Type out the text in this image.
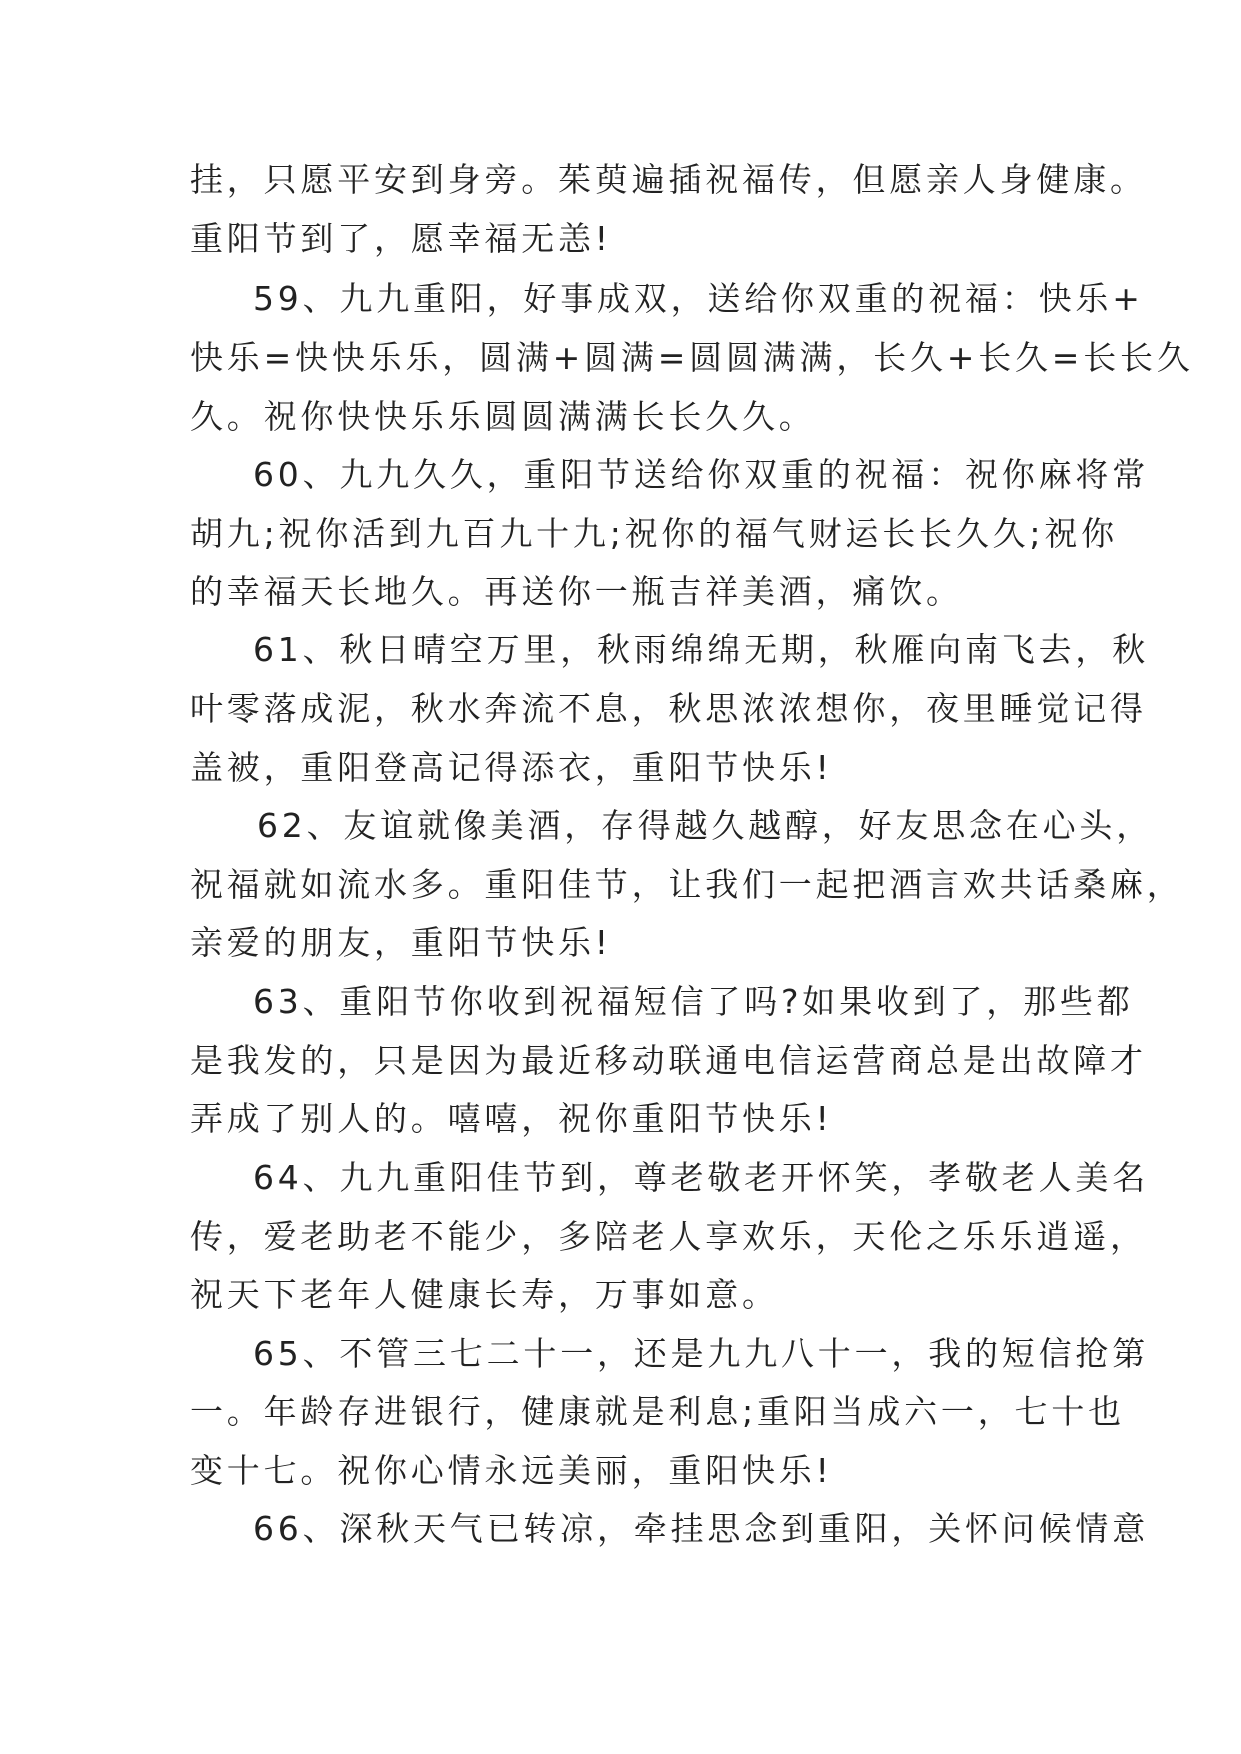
挂，只愿平安到身旁。茱萸遍插祝福传，但愿亲人身健康。
重阳节到了，愿幸福无恙!
59、九九重阳，好事成双，送给你双重的祝福：快乐+
快乐=快快乐乐，圆满+圆满=圆圆满满，长久+长久=长长久
久。祝你快快乐乐圆圆满满长长久久。
60、九九久久，重阳节送给你双重的祝福：祝你麻将常
胡九;祝你活到九百九十九;祝你的福气财运长长久久;祝你
的幸福天长地久。再送你一瓶吉祥美酒，痛饮。
61、秋日晴空万里，秋雨绵绵无期，秋雁向南飞去，秋
叶零落成泥，秋水奔流不息，秋思浓浓想你，夜里睡觉记得
盖被，重阳登高记得添衣，重阳节快乐!
62、友谊就像美酒，存得越久越醇，好友思念在心头，
祝福就如流水多。重阳佳节，让我们一起把酒言欢共话桑麻，
亲爱的朋友，重阳节快乐!
63、重阳节你收到祝福短信了吗?如果收到了，那些都
是我发的，只是因为最近移动联通电信运营商总是出故障才
弄成了别人的。嘻嘻，祝你重阳节快乐!
64、九九重阳佳节到，尊老敬老开怀笑，孝敬老人美名
传，爱老助老不能少，多陪老人享欢乐，天伦之乐乐逍遥，
祝天下老年人健康长寿，万事如意。
65、不管三七二十一，还是九九八十一，我的短信抢第
一。年龄存进银行，健康就是利息;重阳当成六一，七十也
变十七。祝你心情永远美丽，重阳快乐!
66、深秋天气已转凉，牵挂思念到重阳，关怀问候情意
